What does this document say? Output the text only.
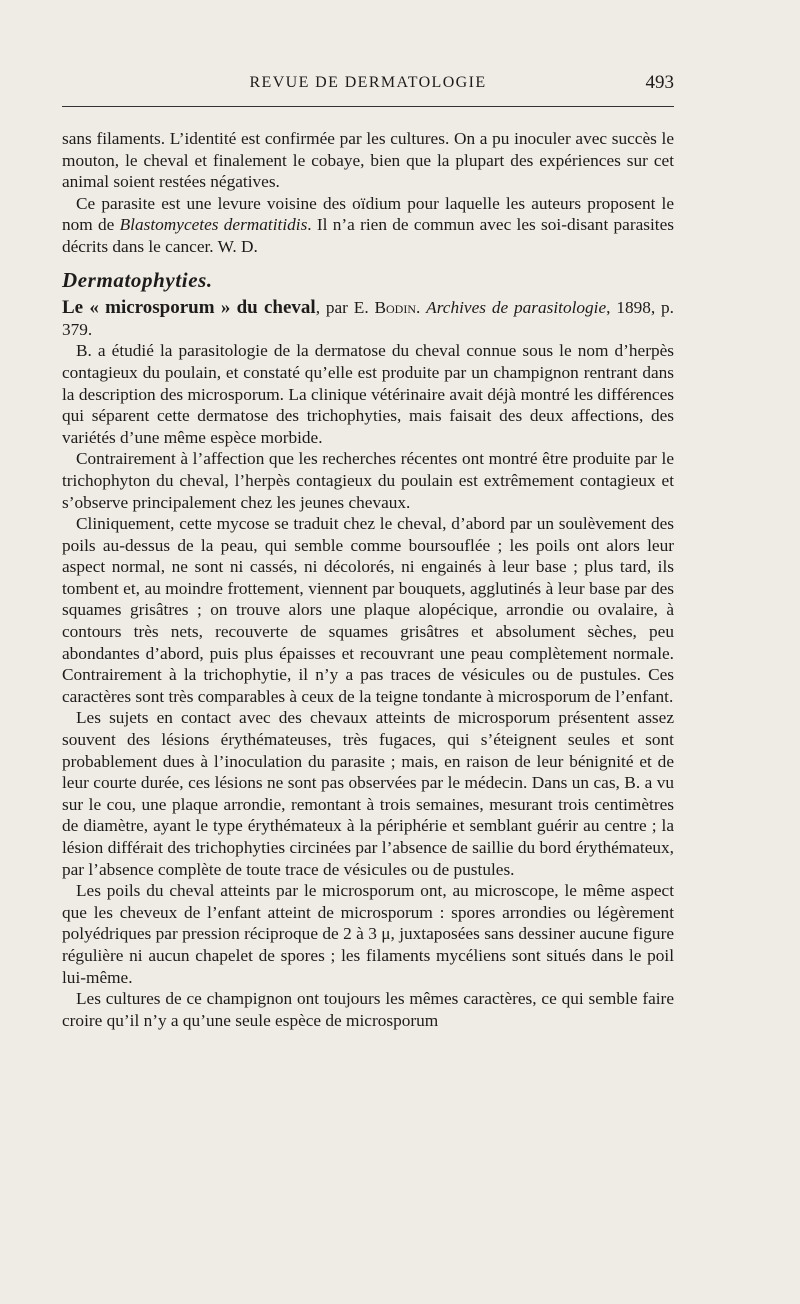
REVUE DE DERMATOLOGIE	493

sans filaments. L’identité est confirmée par les cultures. On a pu inoculer avec succès le mouton, le cheval et finalement le cobaye, bien que la plupart des expériences sur cet animal soient restées négatives.

Ce parasite est une levure voisine des oïdium pour laquelle les auteurs proposent le nom de Blastomycetes dermatitidis. Il n’a rien de commun avec les soi-disant parasites décrits dans le cancer. W. D.

Dermatophyties.

Le « microsporum » du cheval, par E. Bodin. Archives de parasitologie, 1898, p. 379.

B. a étudié la parasitologie de la dermatose du cheval connue sous le nom d’herpès contagieux du poulain, et constaté qu’elle est produite par un champignon rentrant dans la description des microsporum. La clinique vétérinaire avait déjà montré les différences qui séparent cette dermatose des trichophyties, mais faisait des deux affections, des variétés d’une même espèce morbide.

Contrairement à l’affection que les recherches récentes ont montré être produite par le trichophyton du cheval, l’herpès contagieux du poulain est extrêmement contagieux et s’observe principalement chez les jeunes chevaux.

Cliniquement, cette mycose se traduit chez le cheval, d’abord par un soulèvement des poils au-dessus de la peau, qui semble comme boursouflée ; les poils ont alors leur aspect normal, ne sont ni cassés, ni décolorés, ni engainés à leur base ; plus tard, ils tombent et, au moindre frottement, viennent par bouquets, agglutinés à leur base par des squames grisâtres ; on trouve alors une plaque alopécique, arrondie ou ovalaire, à contours très nets, recouverte de squames grisâtres et absolument sèches, peu abondantes d’abord, puis plus épaisses et recouvrant une peau complètement normale. Contrairement à la trichophytie, il n’y a pas traces de vésicules ou de pustules. Ces caractères sont très comparables à ceux de la teigne tondante à microsporum de l’enfant.

Les sujets en contact avec des chevaux atteints de microsporum présentent assez souvent des lésions érythémateuses, très fugaces, qui s’éteignent seules et sont probablement dues à l’inoculation du parasite ; mais, en raison de leur bénignité et de leur courte durée, ces lésions ne sont pas observées par le médecin. Dans un cas, B. a vu sur le cou, une plaque arrondie, remontant à trois semaines, mesurant trois centimètres de diamètre, ayant le type érythémateux à la périphérie et semblant guérir au centre ; la lésion différait des trichophyties circinées par l’absence de saillie du bord érythémateux, par l’absence complète de toute trace de vésicules ou de pustules.

Les poils du cheval atteints par le microsporum ont, au microscope, le même aspect que les cheveux de l’enfant atteint de microsporum : spores arrondies ou légèrement polyédriques par pression réciproque de 2 à 3 μ, juxtaposées sans dessiner aucune figure régulière ni aucun chapelet de spores ; les filaments mycéliens sont situés dans le poil lui-même.

Les cultures de ce champignon ont toujours les mêmes caractères, ce qui semble faire croire qu’il n’y a qu’une seule espèce de microsporum
